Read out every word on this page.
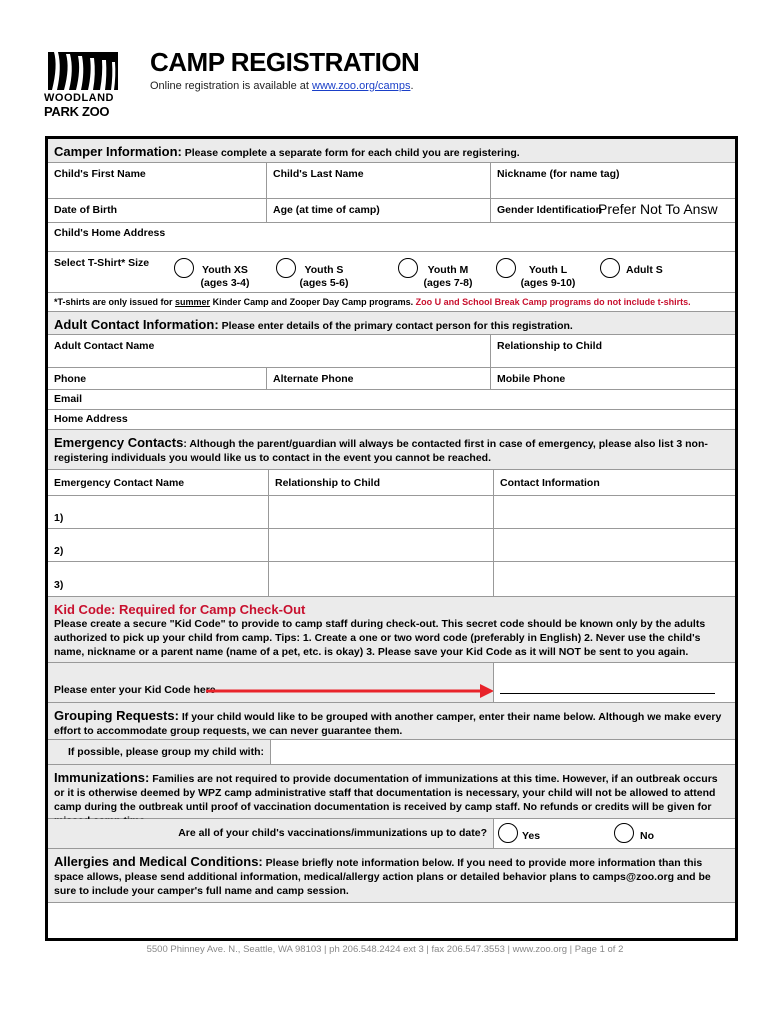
WOODLAND
PARK ZOO
CAMP REGISTRATION
Online registration is available at www.zoo.org/camps.
Camper Information: Please complete a separate form for each child you are registering.
Child's First Name	Child's Last Name	Nickname (for name tag)
Date of Birth	Age (at time of camp)	Gender Identification
Prefer Not To Answ
Child's Home Address
Select T-Shirt* Size
Youth XS
(ages 3-4)
Youth S
(ages 5-6)
Youth M
(ages 7-8)
Youth L
(ages 9-10)
Adult S
*T-shirts are only issued for summer Kinder Camp and Zooper Day Camp programs. Zoo U and School Break Camp programs do not include t-shirts.
Adult Contact Information: Please enter details of the primary contact person for this registration.
Adult Contact Name	Relationship to Child
Phone	Alternate Phone	Mobile Phone
Email
Home Address
Emergency Contacts: Although the parent/guardian will always be contacted first in case of emergency, please also list 3 non-registering individuals you would like us to contact in the event you cannot be reached.
Emergency Contact Name	Relationship to Child	Contact Information
1)
2)
3)
Kid Code: Required for Camp Check-Out
Please create a secure "Kid Code" to provide to camp staff during check-out. This secret code should be known only by the adults authorized to pick up your child from camp. Tips: 1. Create a one or two word code (preferably in English) 2. Never use the child's name, nickname or a parent name (name of a pet, etc. is okay) 3. Please save your Kid Code as it will NOT be sent to you again.
Please enter your Kid Code here
Grouping Requests: If your child would like to be grouped with another camper, enter their name below. Although we make every effort to accommodate group requests, we can never guarantee them.
If possible, please group my child with:
Immunizations: Families are not required to provide documentation of immunizations at this time. However, if an outbreak occurs or it is otherwise deemed by WPZ camp administrative staff that documentation is necessary, your child will not be allowed to attend camp during the outbreak until proof of vaccination documentation is received by camp staff. No refunds or credits will be given for
Are all of your child's vaccinations/immunizations up to date?	Yes	No
Allergies and Medical Conditions: Please briefly note information below. If you need to provide more information than this space allows, please send additional information, medical/allergy action plans or detailed behavior plans to camps@zoo.org and be sure to include your camper's full name and camp session.
5500 Phinney Ave. N., Seattle, WA 98103 | ph 206.548.2424 ext 3 | fax 206.547.3553 | www.zoo.org | Page 1 of 2
